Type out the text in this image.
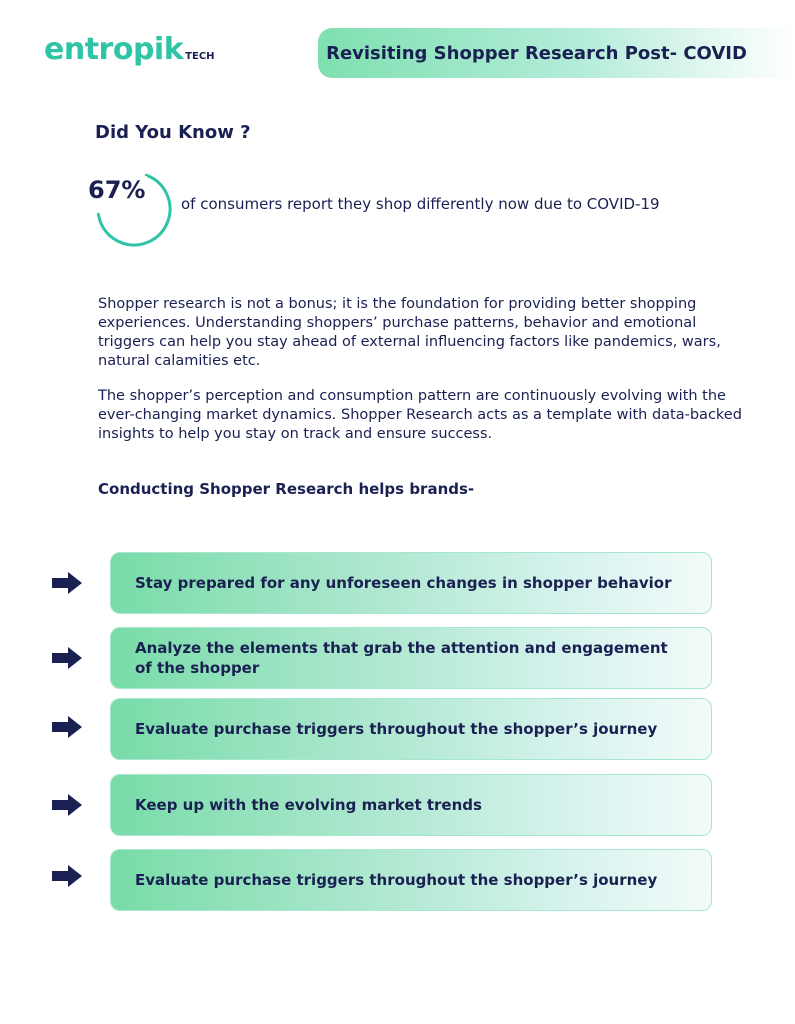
entropik TECH	Revisiting Shopper Research Post- COVID
Did You Know ?
67% of consumers report they shop differently now due to COVID-19

Shopper research is not a bonus; it is the foundation for providing better shopping experiences. Understanding shoppers’ purchase patterns, behavior and emotional triggers can help you stay ahead of external influencing factors like pandemics, wars, natural calamities etc.

The shopper’s perception and consumption pattern are continuously evolving with the ever-changing market dynamics. Shopper Research acts as a template with data-backed insights to help you stay on track and ensure success.

Conducting Shopper Research helps brands-
Stay prepared for any unforeseen changes in shopper behavior
Analyze the elements that grab the attention and engagement of the shopper
Evaluate purchase triggers throughout the shopper’s journey
Keep up with the evolving market trends
Evaluate purchase triggers throughout the shopper’s journey
